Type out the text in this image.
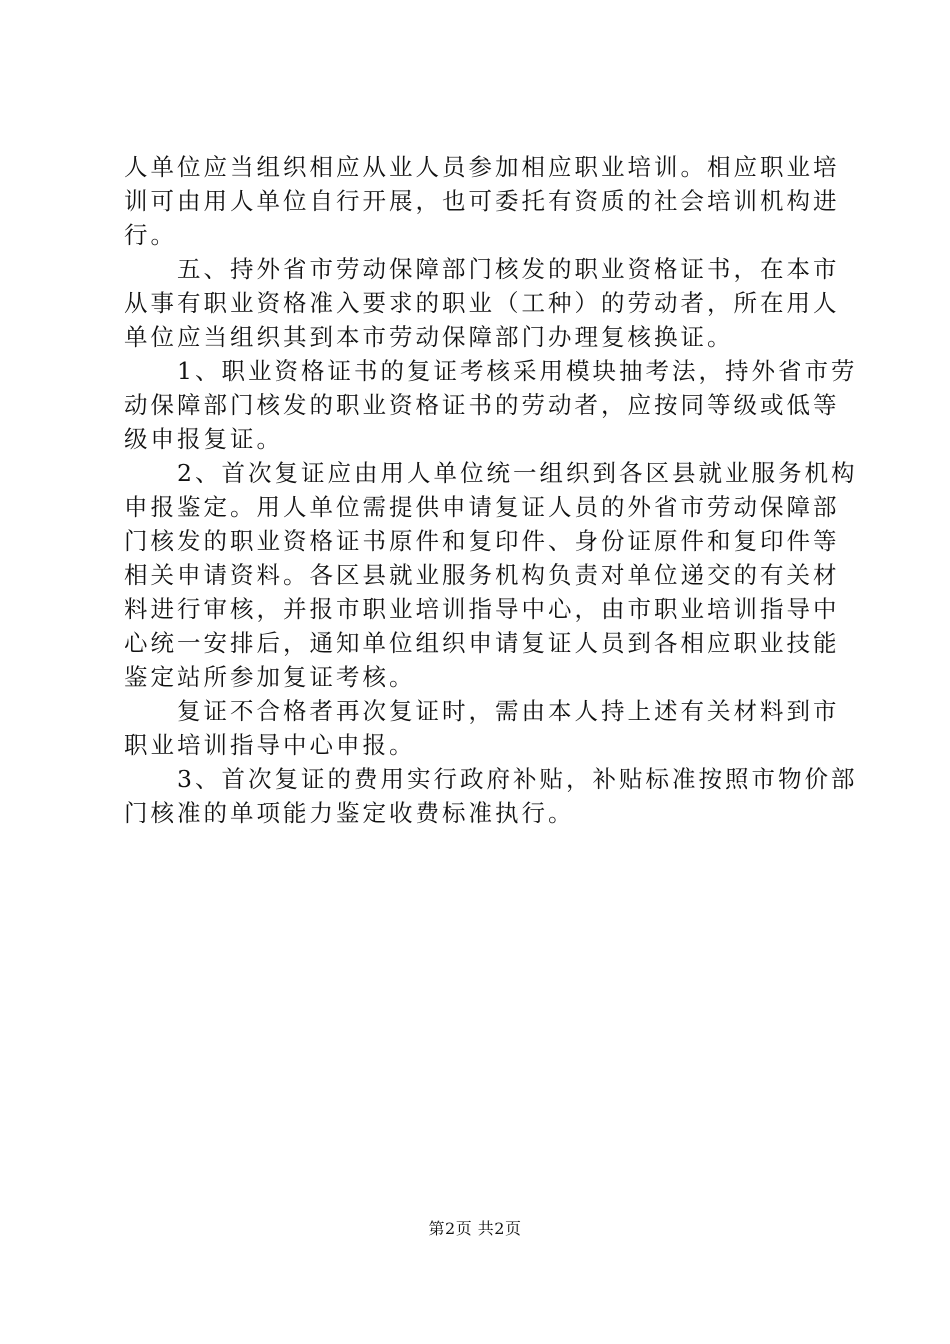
人单位应当组织相应从业人员参加相应职业培训。相应职业培
训可由用人单位自行开展，也可委托有资质的社会培训机构进
行。
　　五、持外省市劳动保障部门核发的职业资格证书，在本市
从事有职业资格准入要求的职业（工种）的劳动者，所在用人
单位应当组织其到本市劳动保障部门办理复核换证。
　　1、职业资格证书的复证考核采用模块抽考法，持外省市劳
动保障部门核发的职业资格证书的劳动者，应按同等级或低等
级申报复证。
　　2、首次复证应由用人单位统一组织到各区县就业服务机构
申报鉴定。用人单位需提供申请复证人员的外省市劳动保障部
门核发的职业资格证书原件和复印件、身份证原件和复印件等
相关申请资料。各区县就业服务机构负责对单位递交的有关材
料进行审核，并报市职业培训指导中心，由市职业培训指导中
心统一安排后，通知单位组织申请复证人员到各相应职业技能
鉴定站所参加复证考核。
　　复证不合格者再次复证时，需由本人持上述有关材料到市
职业培训指导中心申报。
　　3、首次复证的费用实行政府补贴，补贴标准按照市物价部
门核准的单项能力鉴定收费标准执行。
第2页 共2页
